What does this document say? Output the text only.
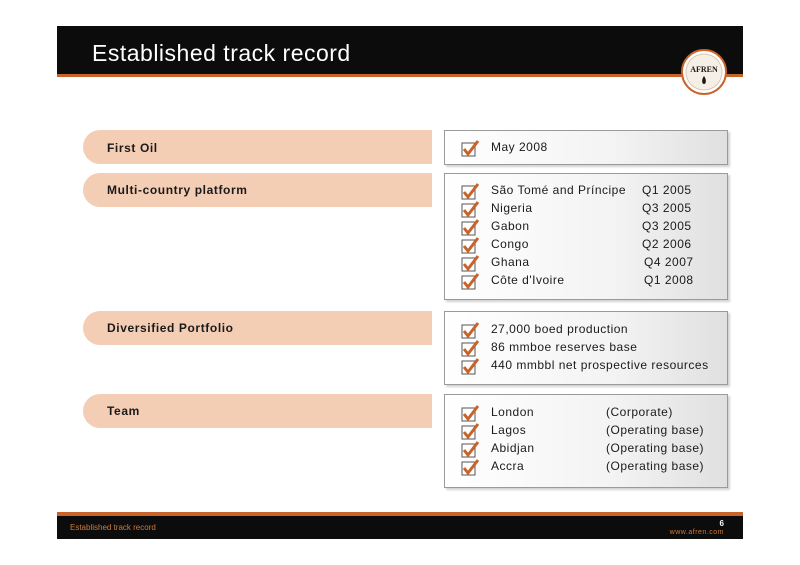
Established track record
AFREN
First Oil	May 2008
Multi-country platform	São Tomé and Príncipe Q1 2005
Nigeria	Q3 2005
Gabon	Q3 2005
Congo	Q2 2006
Ghana	Q4 2007
Côte d'Ivoire	Q1 2008
Diversified Portfolio	27,000 boed production
86 mmboe reserves base
440 mmbbl net prospective resources
Team	London	(Corporate)
Lagos	(Operating base)
Abidjan	(Operating base)
Accra	(Operating base)
Established track record	6
www.afren.com
